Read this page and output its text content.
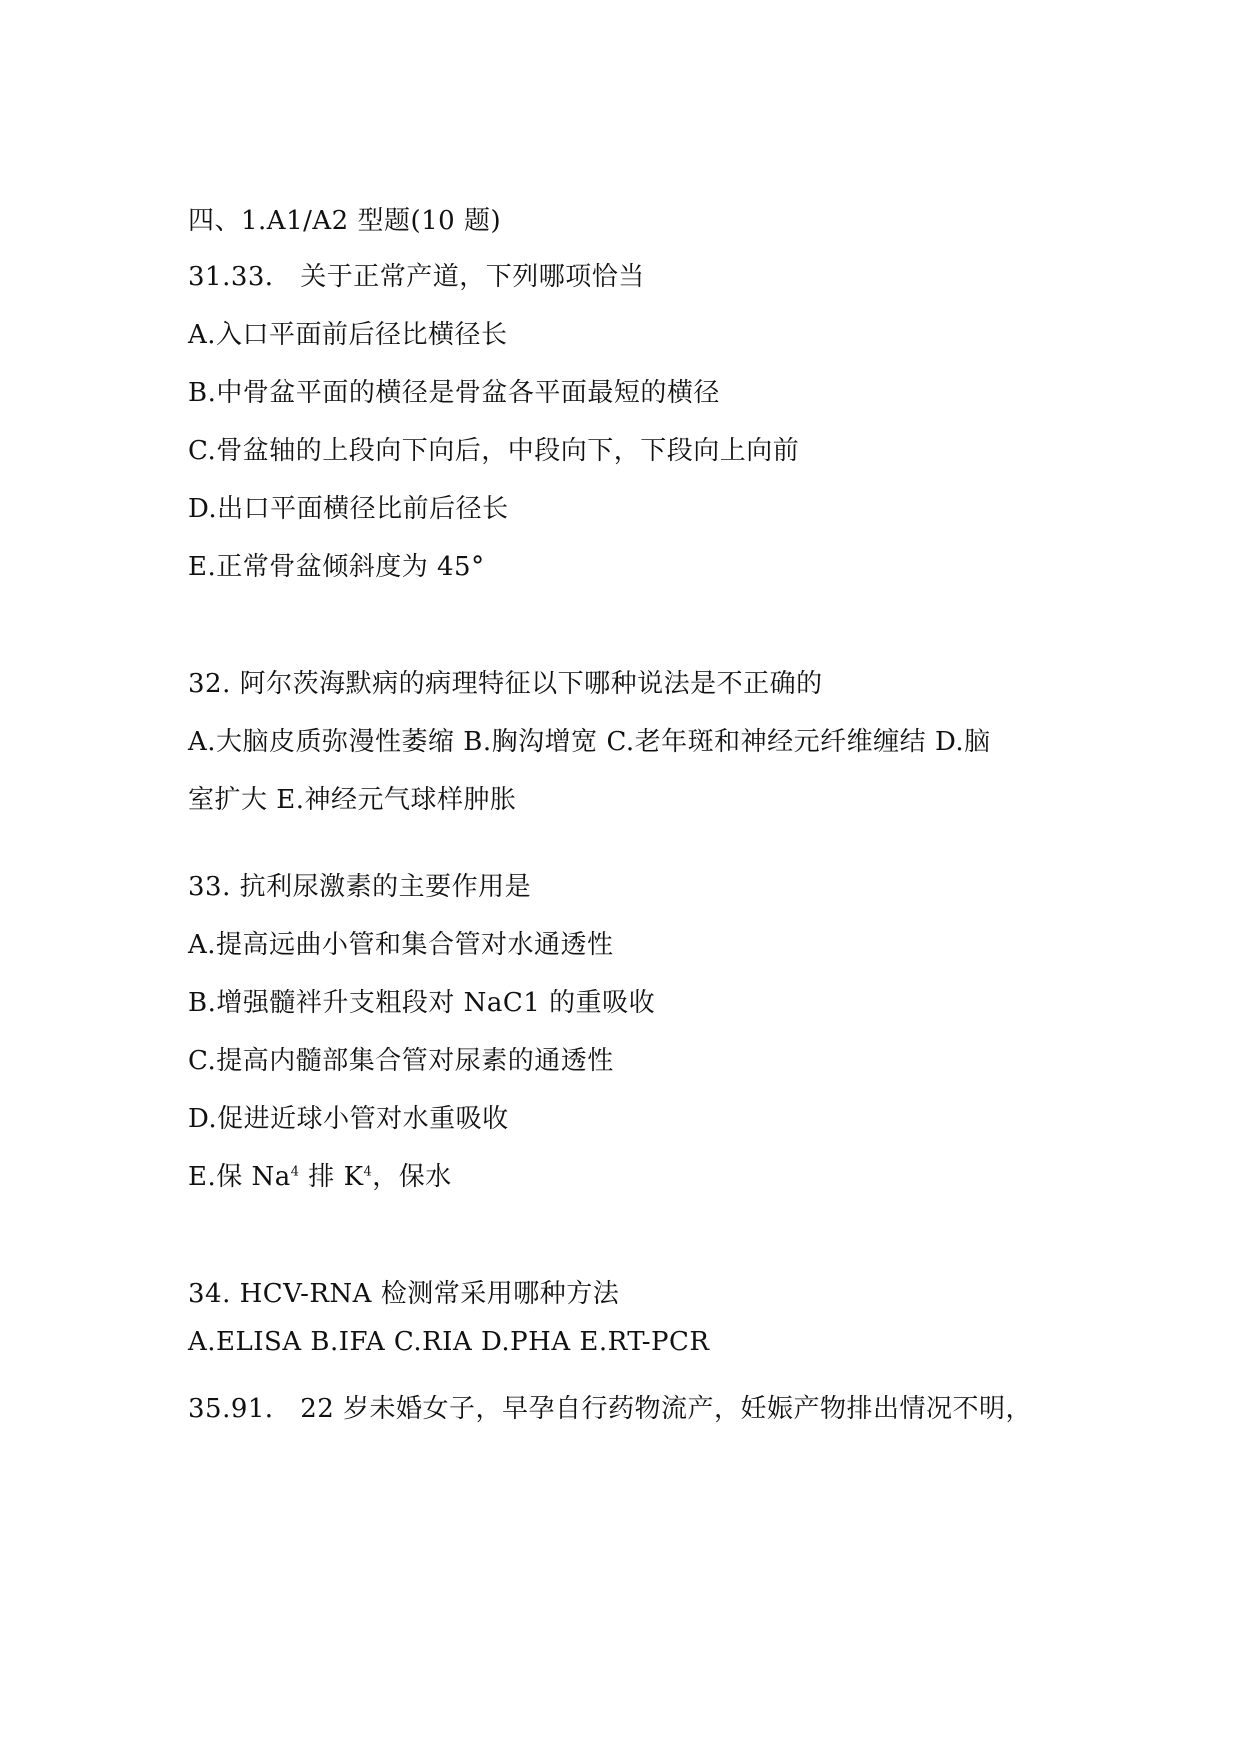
四、1.A1/A2 型题(10 题)
31.33． 关于正常产道，下列哪项恰当
A.入口平面前后径比横径长
B.中骨盆平面的横径是骨盆各平面最短的横径
C.骨盆轴的上段向下向后，中段向下，下段向上向前
D.出口平面横径比前后径长
E.正常骨盆倾斜度为 45°
32. 阿尔茨海默病的病理特征以下哪种说法是不正确的
A.大脑皮质弥漫性萎缩 B.胸沟增宽 C.老年斑和神经元纤维缠结 D.脑
室扩大 E.神经元气球样肿胀
33. 抗利尿激素的主要作用是
A.提高远曲小管和集合管对水通透性
B.增强髓袢升支粗段对 NaC1 的重吸收
C.提高内髓部集合管对尿素的通透性
D.促进近球小管对水重吸收
E.保 Na$^4$ 排 $K^4$，保水
34. HCV-RNA 检测常采用哪种方法
A.ELISA B.IFA C.RIA D.PHA E.RT-PCR
35.91． 22 岁未婚女子，早孕自行药物流产，妊娠产物排出情况不明，
